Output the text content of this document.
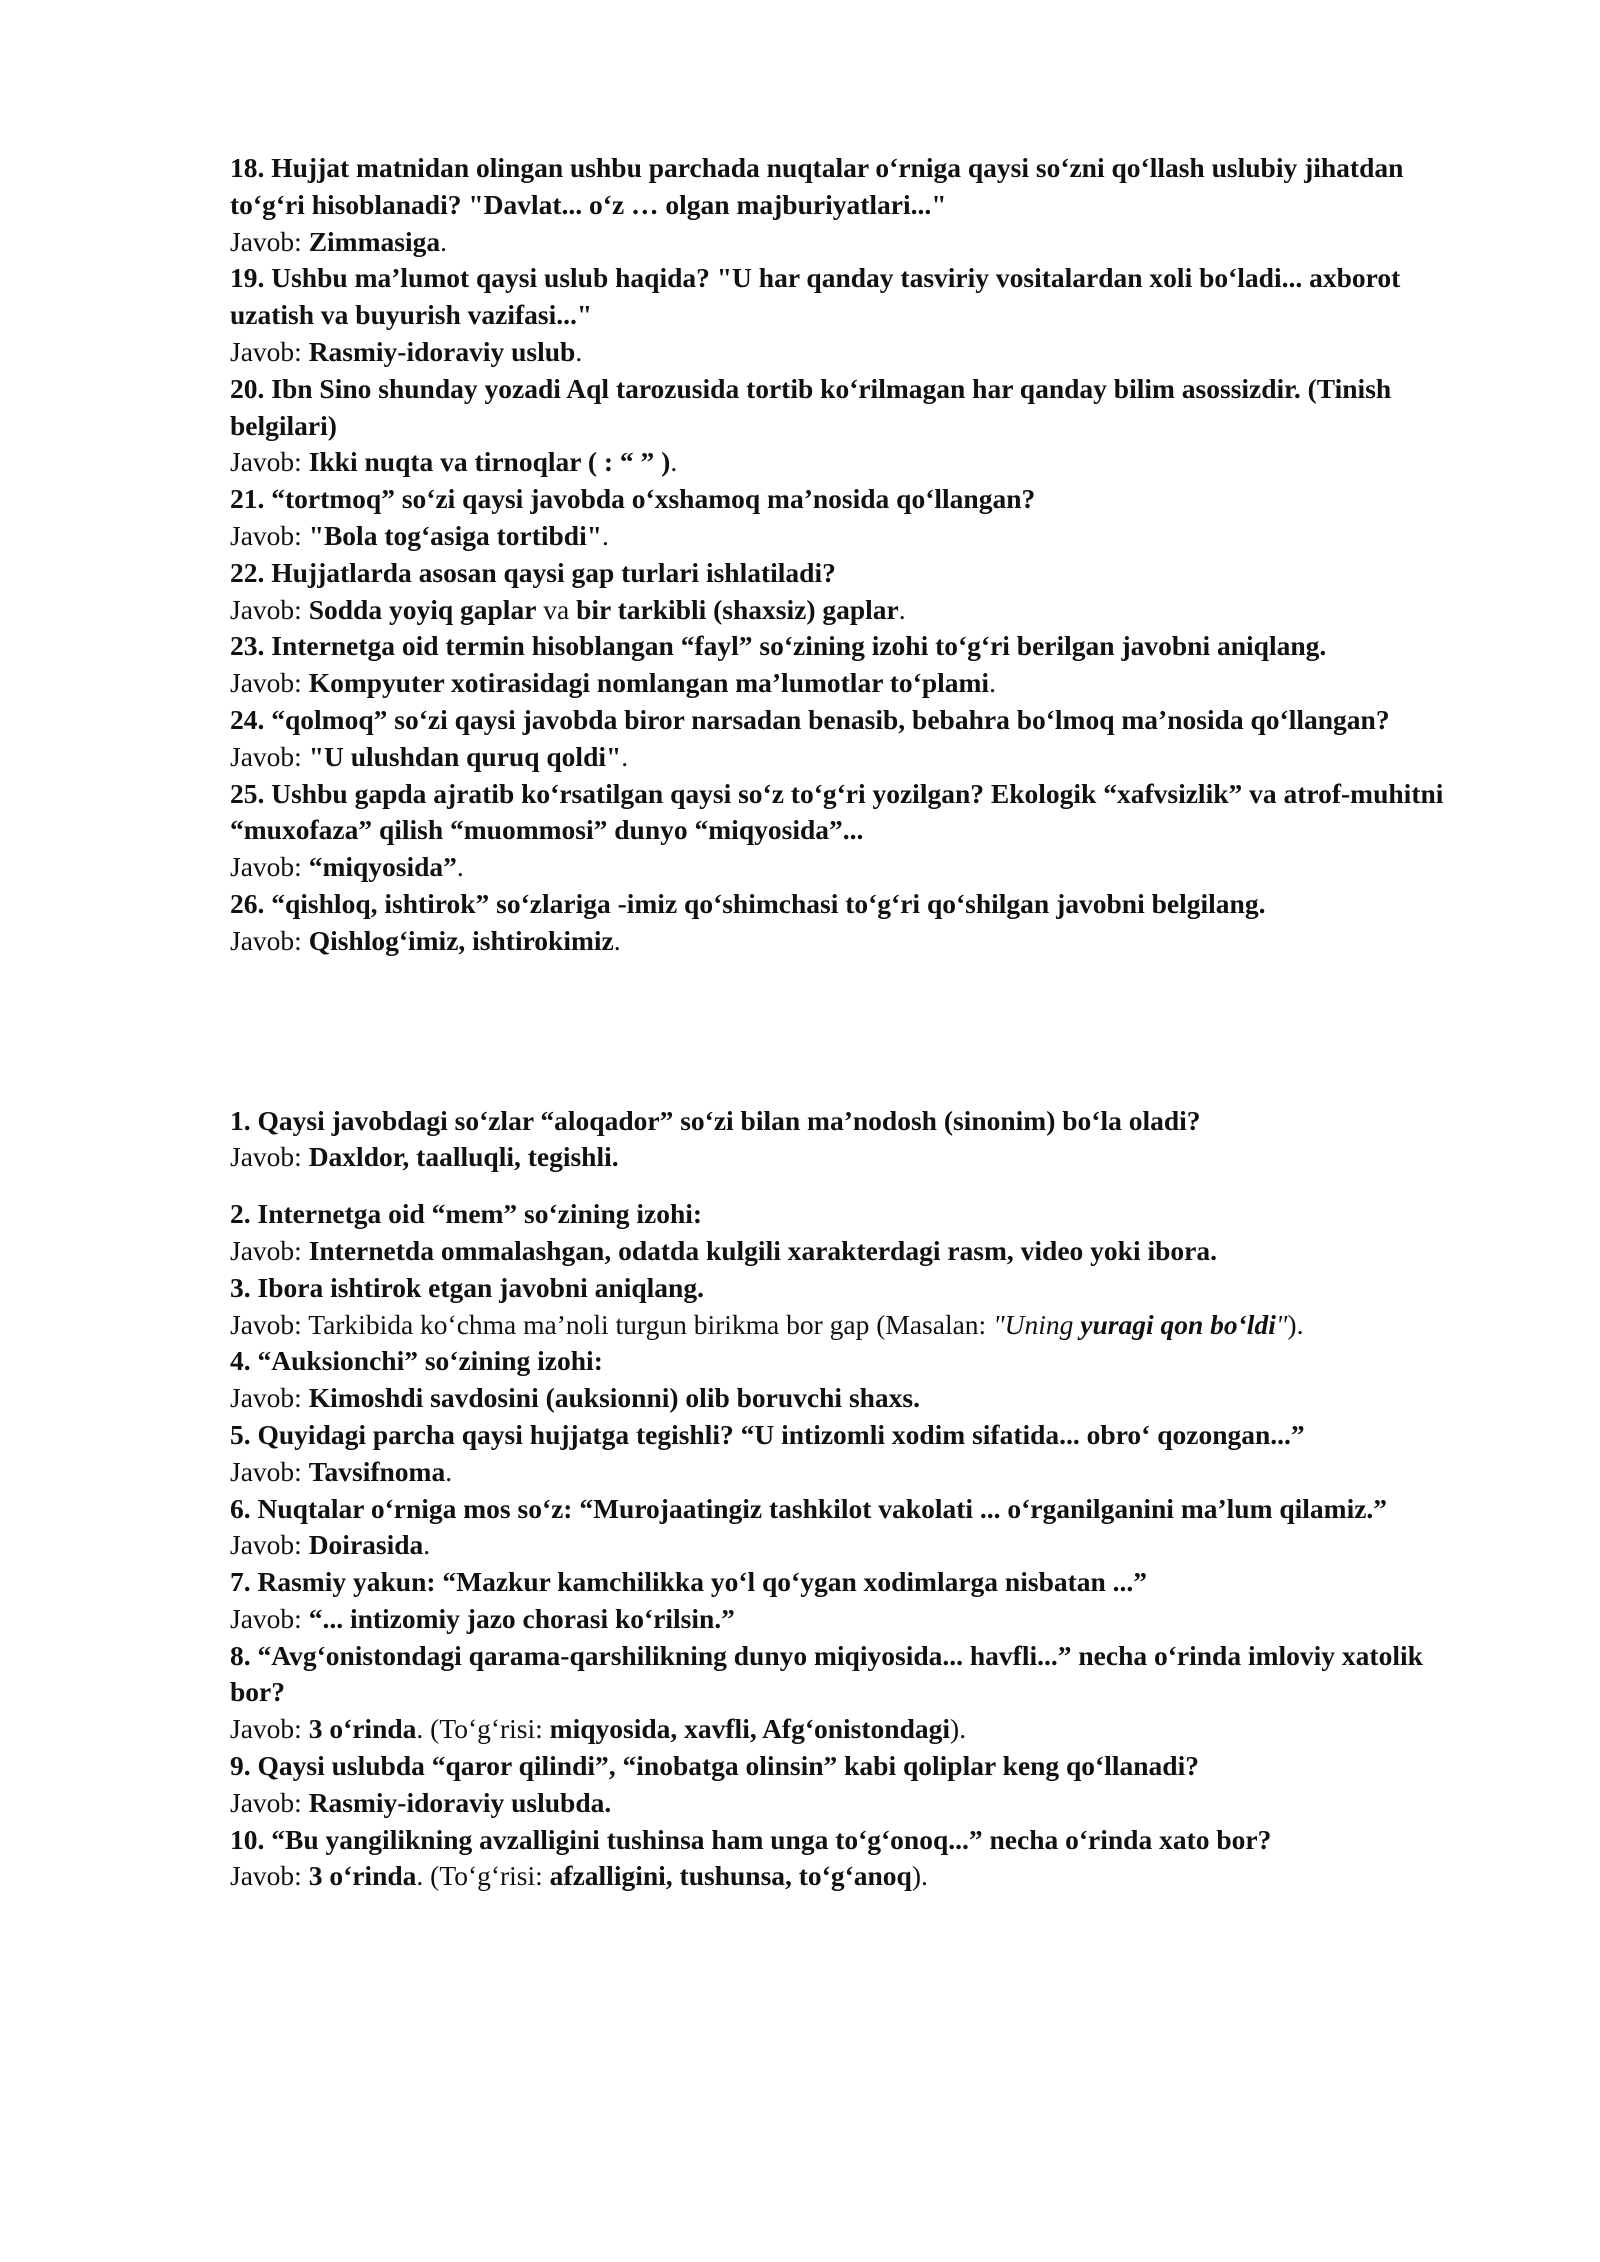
18. Hujjat matnidan olingan ushbu parchada nuqtalar o‘rniga qaysi so‘zni qo‘llash uslubiy jihatdan to‘g‘ri hisoblanadi? "Davlat... o‘z … olgan majburiyatlari..."

Javob: Zimmasiga.

19. Ushbu ma’lumot qaysi uslub haqida? "U har qanday tasviriy vositalardan xoli bo‘ladi... axborot uzatish va buyurish vazifasi..."

Javob: Rasmiy-idoraviy uslub.

20. Ibn Sino shunday yozadi Aql tarozusida tortib ko‘rilmagan har qanday bilim asossizdir. (Tinish belgilari)

Javob: Ikki nuqta va tirnoqlar ( : “ ” ).

21. “tortmoq” so‘zi qaysi javobda o‘xshamoq ma’nosida qo‘llangan?

Javob: "Bola tog‘asiga tortibdi".

22. Hujjatlarda asosan qaysi gap turlari ishlatiladi?

Javob: Sodda yoyiq gaplar va bir tarkibli (shaxsiz) gaplar.

23. Internetga oid termin hisoblangan “fayl” so‘zining izohi to‘g‘ri berilgan javobni aniqlang.

Javob: Kompyuter xotirasidagi nomlangan ma’lumotlar to‘plami.

24. “qolmoq” so‘zi qaysi javobda biror narsadan benasib, bebahra bo‘lmoq ma’nosida qo‘llangan?

Javob: "U ulushdan quruq qoldi".

25. Ushbu gapda ajratib ko‘rsatilgan qaysi so‘z to‘g‘ri yozilgan? Ekologik “xafvsizlik” va atrof-muhitni “muxofaza” qilish “muommosi” dunyo “miqyosida”...

Javob: “miqyosida”.

26. “qishloq, ishtirok” so‘zlariga -imiz qo‘shimchasi to‘g‘ri qo‘shilgan javobni belgilang.

Javob: Qishlog‘imiz, ishtirokimiz.

1. Qaysi javobdagi so‘zlar “aloqador” so‘zi bilan ma’nodosh (sinonim) bo‘la oladi?

Javob: Daxldor, taalluqli, tegishli.

2. Internetga oid “mem” so‘zining izohi:

Javob: Internetda ommalashgan, odatda kulgili xarakterdagi rasm, video yoki ibora.

3. Ibora ishtirok etgan javobni aniqlang.

Javob: Tarkibida ko‘chma ma’noli turgun birikma bor gap (Masalan: "Uning yuragi qon bo‘ldi").

4. “Auksionchi” so‘zining izohi:

Javob: Kimoshdi savdosini (auksionni) olib boruvchi shaxs.

5. Quyidagi parcha qaysi hujjatga tegishli? “U intizomli xodim sifatida... obro‘ qozongan...”

Javob: Tavsifnoma.

6. Nuqtalar o‘rniga mos so‘z: “Murojaatingiz tashkilot vakolati ... o‘rganilganini ma’lum qilamiz.”

Javob: Doirasida.

7. Rasmiy yakun: “Mazkur kamchilikka yo‘l qo‘ygan xodimlarga nisbatan ...”

Javob: “... intizomiy jazo chorasi ko‘rilsin.”

8. “Avg‘onistondagi qarama-qarshilikning dunyo miqiyosida... havfli...” necha o‘rinda imloviy xatolik bor?

Javob: 3 o‘rinda. (To‘g‘risi: miqyosida, xavfli, Afg‘onistondagi).

9. Qaysi uslubda “qaror qilindi”, “inobatga olinsin” kabi qoliplar keng qo‘llanadi?

Javob: Rasmiy-idoraviy uslubda.

10. “Bu yangilikning avzalligini tushinsa ham unga to‘g‘onoq...” necha o‘rinda xato bor?

Javob: 3 o‘rinda. (To‘g‘risi: afzalligini, tushunsa, to‘g‘anoq).
